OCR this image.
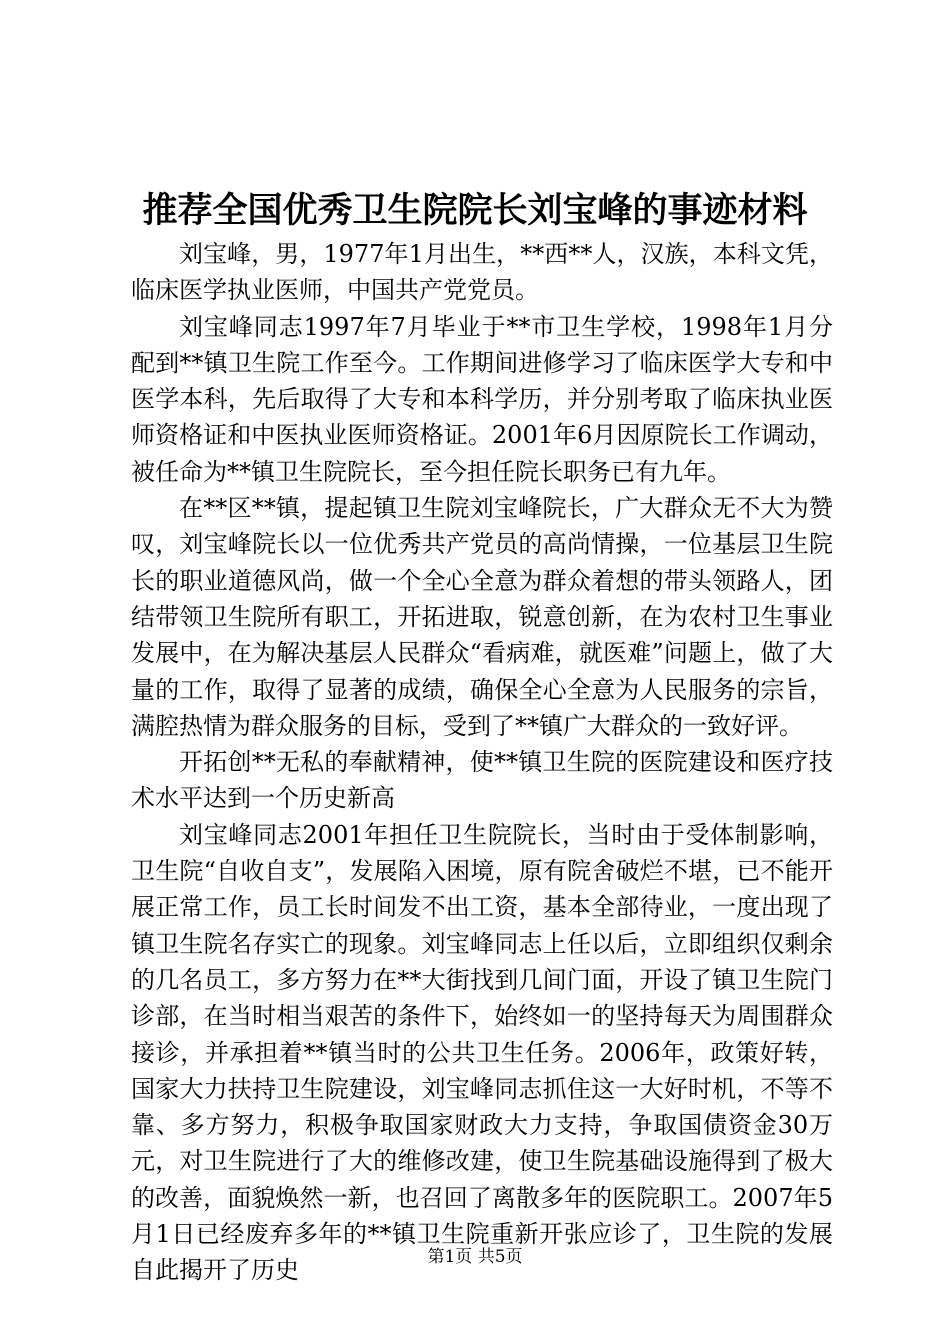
推荐全国优秀卫生院院长刘宝峰的事迹材料

刘宝峰，男，1977年1月出生，**西**人，汉族，本科文凭，临床医学执业医师，中国共产党党员。

刘宝峰同志1997年7月毕业于**市卫生学校，1998年1月分配到**镇卫生院工作至今。工作期间进修学习了临床医学大专和中医学本科，先后取得了大专和本科学历，并分别考取了临床执业医师资格证和中医执业医师资格证。2001年6月因原院长工作调动，被任命为**镇卫生院院长，至今担任院长职务已有九年。

在**区**镇，提起镇卫生院刘宝峰院长，广大群众无不大为赞叹，刘宝峰院长以一位优秀共产党员的高尚情操，一位基层卫生院长的职业道德风尚，做一个全心全意为群众着想的带头领路人，团结带领卫生院所有职工，开拓进取，锐意创新，在为农村卫生事业发展中，在为解决基层人民群众“看病难，就医难”问题上，做了大量的工作，取得了显著的成绩，确保全心全意为人民服务的宗旨，满腔热情为群众服务的目标，受到了**镇广大群众的一致好评。

开拓创**无私的奉献精神，使**镇卫生院的医院建设和医疗技术水平达到一个历史新高

刘宝峰同志2001年担任卫生院院长，当时由于受体制影响，卫生院“自收自支”，发展陷入困境，原有院舍破烂不堪，已不能开展正常工作，员工长时间发不出工资，基本全部待业，一度出现了镇卫生院名存实亡的现象。刘宝峰同志上任以后，立即组织仅剩余的几名员工，多方努力在**大街找到几间门面，开设了镇卫生院门诊部，在当时相当艰苦的条件下，始终如一的坚持每天为周围群众接诊，并承担着**镇当时的公共卫生任务。2006年，政策好转，国家大力扶持卫生院建设，刘宝峰同志抓住这一大好时机，不等不靠、多方努力，积极争取国家财政大力支持，争取国债资金30万元，对卫生院进行了大的维修改建，使卫生院基础设施得到了极大的改善，面貌焕然一新，也召回了离散多年的医院职工。2007年5月1日已经废弃多年的**镇卫生院重新开张应诊了，卫生院的发展自此揭开了历史	第1页 共5页
